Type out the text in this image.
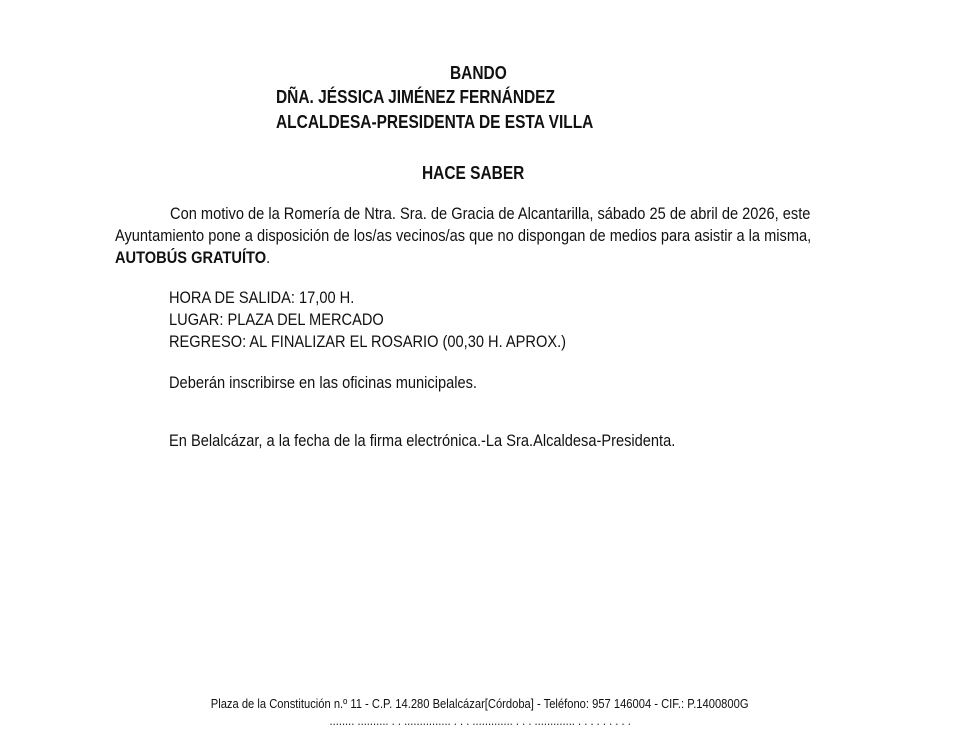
BANDO
DÑA. JÉSSICA JIMÉNEZ FERNÁNDEZ
ALCALDESA-PRESIDENTA DE ESTA VILLA
HACE SABER
Con motivo de la Romería de Ntra. Sra. de Gracia de Alcantarilla, sábado 25 de abril de 2026, este
Ayuntamiento pone a disposición de los/as vecinos/as que no dispongan de medios para asistir a la misma,
AUTOBÚS GRATUÍTO.
HORA DE SALIDA: 17,00 H.
LUGAR: PLAZA DEL MERCADO
REGRESO: AL FINALIZAR EL ROSARIO (00,30 H. APROX.)
Deberán inscribirse en las oficinas municipales.
En Belalcázar, a la fecha de la firma electrónica.-La Sra.Alcaldesa-Presidenta.
Plaza de la Constitución n.º 11 - C.P. 14.280 Belalcázar[Córdoba] - Teléfono: 957 146004 - CIF.: P.1400800G
........ .......... . . ............... . . . ............. . . . ............. . . . . . . . . .
